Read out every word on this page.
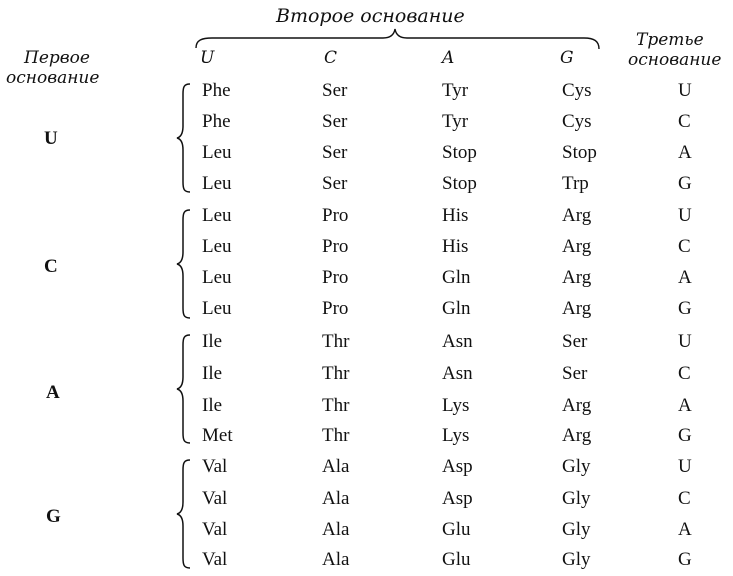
Второе основание
Первое
основание
Третье
основание
U	C	A	G
U
Phe	Ser	Tyr	Cys	U
Phe	Ser	Tyr	Cys	C
Leu	Ser	Stop	Stop	A
Leu	Ser	Stop	Trp	G
C
Leu	Pro	His	Arg	U
Leu	Pro	His	Arg	C
Leu	Pro	Gln	Arg	A
Leu	Pro	Gln	Arg	G
A
Ile	Thr	Asn	Ser	U
Ile	Thr	Asn	Ser	C
Ile	Thr	Lys	Arg	A
Met	Thr	Lys	Arg	G
G
Val	Ala	Asp	Gly	U
Val	Ala	Asp	Gly	C
Val	Ala	Glu	Gly	A
Val	Ala	Glu	Gly	G
